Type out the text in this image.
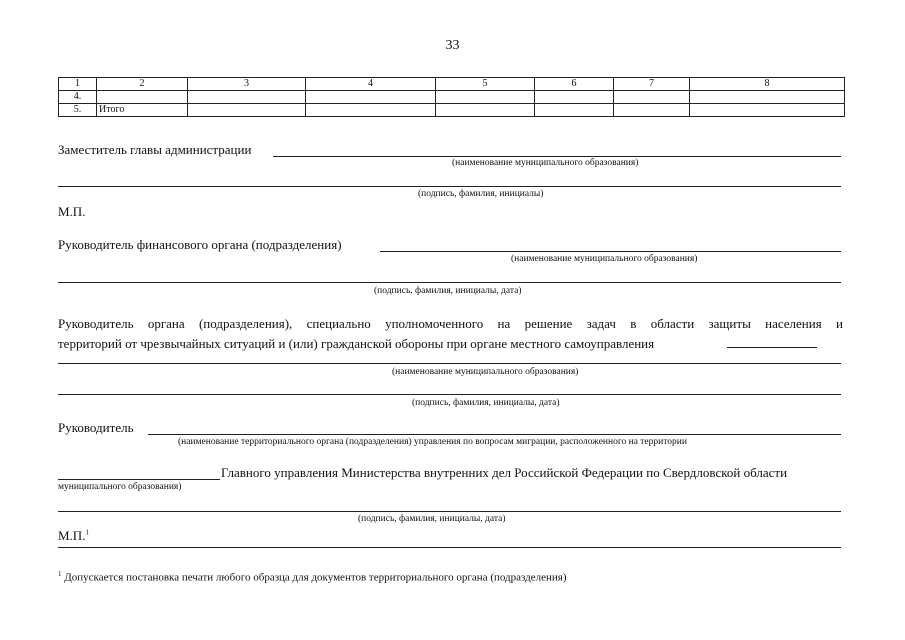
33
1	2	3	4	5	6	7	8
4.							
5.	Итого						
Заместитель главы администрации
(наименование муниципального образования)
(подпись, фамилия, инициалы)
М.П.
Руководитель финансового органа (подразделения)
(наименование муниципального образования)
(подпись, фамилия, инициалы, дата)
Руководитель органа (подразделения), специально уполномоченного на решение задач в области защиты населения и
территорий от чрезвычайных ситуаций и (или) гражданской обороны при органе местного самоуправления
(наименование муниципального образования)
(подпись, фамилия, инициалы, дата)
Руководитель
(наименование территориального органа (подразделения) управления по вопросам миграции, расположенного на территории
Главного управления Министерства внутренних дел Российской Федерации по Свердловской области
муниципального образования)
(подпись, фамилия, инициалы, дата)
М.П.$^1$
$^1$ Допускается постановка печати любого образца для документов территориального органа (подразделения)
